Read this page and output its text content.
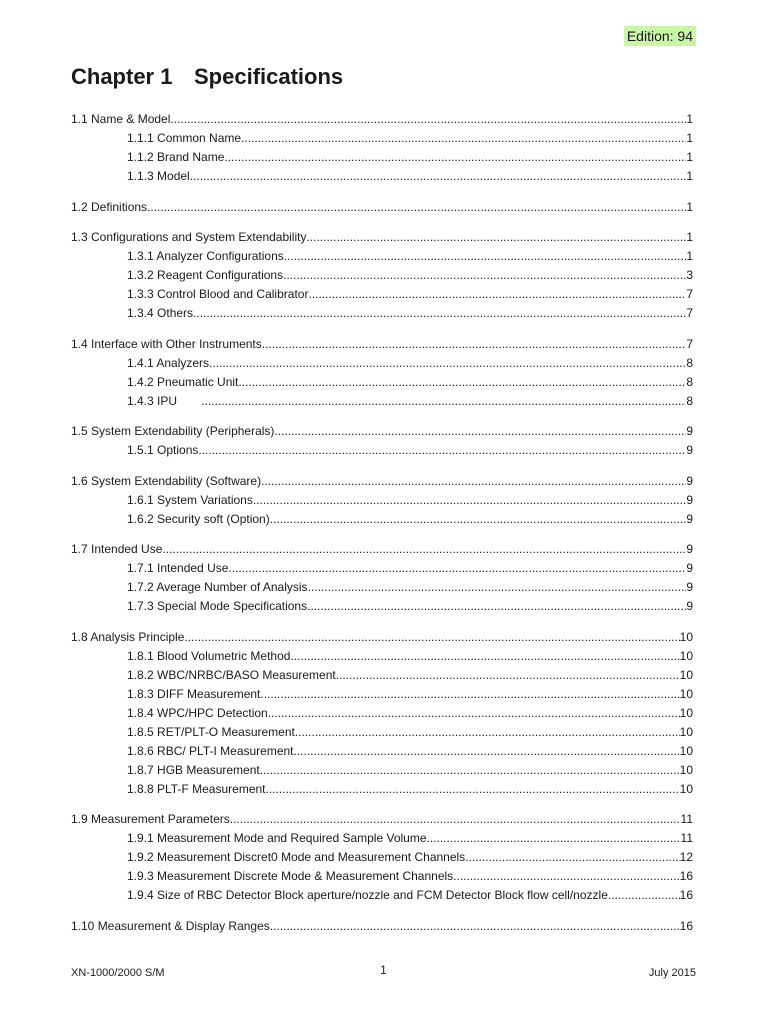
Edition: 94
Chapter 1 Specifications
1.1 Name & Model .....	1
1.1.1 Common Name .....	1
1.1.2 Brand Name .....	1
1.1.3 Model .....	1
1.2 Definitions .....	1
1.3 Configurations and System Extendability .....	1
1.3.1 Analyzer Configurations .....	1
1.3.2 Reagent Configurations .....	3
1.3.3 Control Blood and Calibrator .....	7
1.3.4 Others .....	7
1.4 Interface with Other Instruments .....	7
1.4.1 Analyzers .....	8
1.4.2 Pneumatic Unit .....	8
1.4.3 IPU .....	8
1.5 System Extendability (Peripherals) .....	9
1.5.1 Options .....	9
1.6 System Extendability (Software) .....	9
1.6.1 System Variations .....	9
1.6.2 Security soft (Option) .....	9
1.7 Intended Use .....	9
1.7.1 Intended Use .....	9
1.7.2 Average Number of Analysis .....	9
1.7.3 Special Mode Specifications .....	9
1.8 Analysis Principle .....	10
1.8.1 Blood Volumetric Method .....	10
1.8.2 WBC/NRBC/BASO Measurement .....	10
1.8.3 DIFF Measurement .....	10
1.8.4 WPC/HPC Detection .....	10
1.8.5 RET/PLT-O Measurement .....	10
1.8.6 RBC/ PLT-I Measurement .....	10
1.8.7 HGB Measurement .....	10
1.8.8 PLT-F Measurement .....	10
1.9 Measurement Parameters .....	11
1.9.1 Measurement Mode and Required Sample Volume .....	11
1.9.2 Measurement Discret0 Mode and Measurement Channels .....	12
1.9.3 Measurement Discrete Mode & Measurement Channels .....	16
1.9.4 Size of RBC Detector Block aperture/nozzle and FCM Detector Block flow cell/nozzle .....	16
1.10 Measurement & Display Ranges .....	16
XN-1000/2000 S/M	1	July 2015
